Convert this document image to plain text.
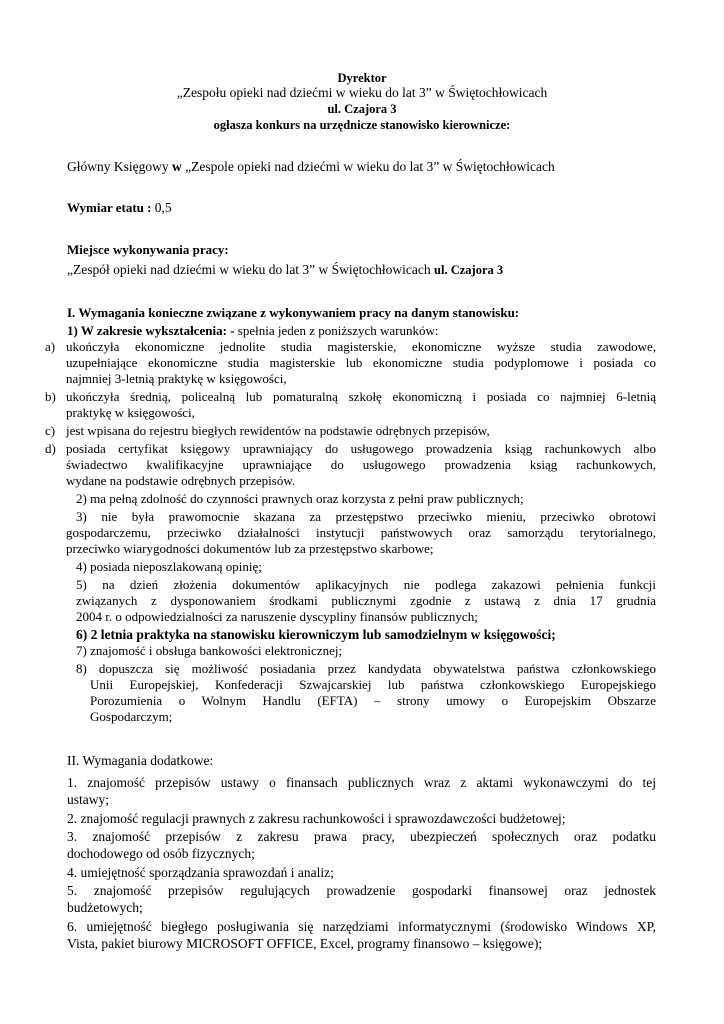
Dyrektor
„Zespołu opieki nad dziećmi w wieku do lat 3” w Świętochłowicach
ul. Czajora 3
ogłasza konkurs na urzędnicze stanowisko kierownicze:
Główny Księgowy w „Zespole opieki nad dziećmi w wieku do lat 3” w Świętochłowicach
Wymiar etatu : 0,5
Miejsce wykonywania pracy:
„Zespół opieki nad dziećmi w wieku do lat 3” w Świętochłowicach ul. Czajora 3
I. Wymagania konieczne związane z wykonywaniem pracy na danym stanowisku:
1) W zakresie wykształcenia: - spełnia jeden z poniższych warunków:
a) ukończyła ekonomiczne jednolite studia magisterskie, ekonomiczne wyższe studia zawodowe,
uzupełniające ekonomiczne studia magisterskie lub ekonomiczne studia podyplomowe i posiada co
najmniej 3-letnią praktykę w księgowości,
b) ukończyła średnią, policealną lub pomaturalną szkołę ekonomiczną i posiada co najmniej 6-letnią
praktykę w księgowości,
c) jest wpisana do rejestru biegłych rewidentów na podstawie odrębnych przepisów,
d) posiada certyfikat księgowy uprawniający do usługowego prowadzenia ksiąg rachunkowych albo
świadectwo kwalifikacyjne uprawniające do usługowego prowadzenia ksiąg rachunkowych,
wydane na podstawie odrębnych przepisów.
2) ma pełną zdolność do czynności prawnych oraz korzysta z pełni praw publicznych;
3) nie była prawomocnie skazana za przestępstwo przeciwko mieniu, przeciwko obrotowi
gospodarczemu, przeciwko działalności instytucji państwowych oraz samorządu terytorialnego,
przeciwko wiarygodności dokumentów lub za przestępstwo skarbowe;
4) posiada nieposzlakowaną opinię;
5) na dzień złożenia dokumentów aplikacyjnych nie podlega zakazowi pełnienia funkcji
związanych z dysponowaniem środkami publicznymi zgodnie z ustawą z dnia 17 grudnia
2004 r. o odpowiedzialności za naruszenie dyscypliny finansów publicznych;
6) 2 letnia praktyka na stanowisku kierowniczym lub samodzielnym w księgowości;
7) znajomość i obsługa bankowości elektronicznej;
8) dopuszcza się możliwość posiadania przez kandydata obywatelstwa państwa członkowskiego
Unii Europejskiej, Konfederacji Szwajcarskiej lub państwa członkowskiego Europejskiego
Porozumienia o Wolnym Handlu (EFTA) – strony umowy o Europejskim Obszarze
Gospodarczym;
II. Wymagania dodatkowe:
1. znajomość przepisów ustawy o finansach publicznych wraz z aktami wykonawczymi do tej
ustawy;
2. znajomość regulacji prawnych z zakresu rachunkowości i sprawozdawczości budżetowej;
3. znajomość przepisów z zakresu prawa pracy, ubezpieczeń społecznych oraz podatku
dochodowego od osób fizycznych;
4. umiejętność sporządzania sprawozdań i analiz;
5. znajomość przepisów regulujących prowadzenie gospodarki finansowej oraz jednostek
budżetowych;
6. umiejętność biegłego posługiwania się narzędziami informatycznymi (środowisko Windows XP,
Vista, pakiet biurowy MICROSOFT OFFICE, Excel, programy finansowo – księgowe);
